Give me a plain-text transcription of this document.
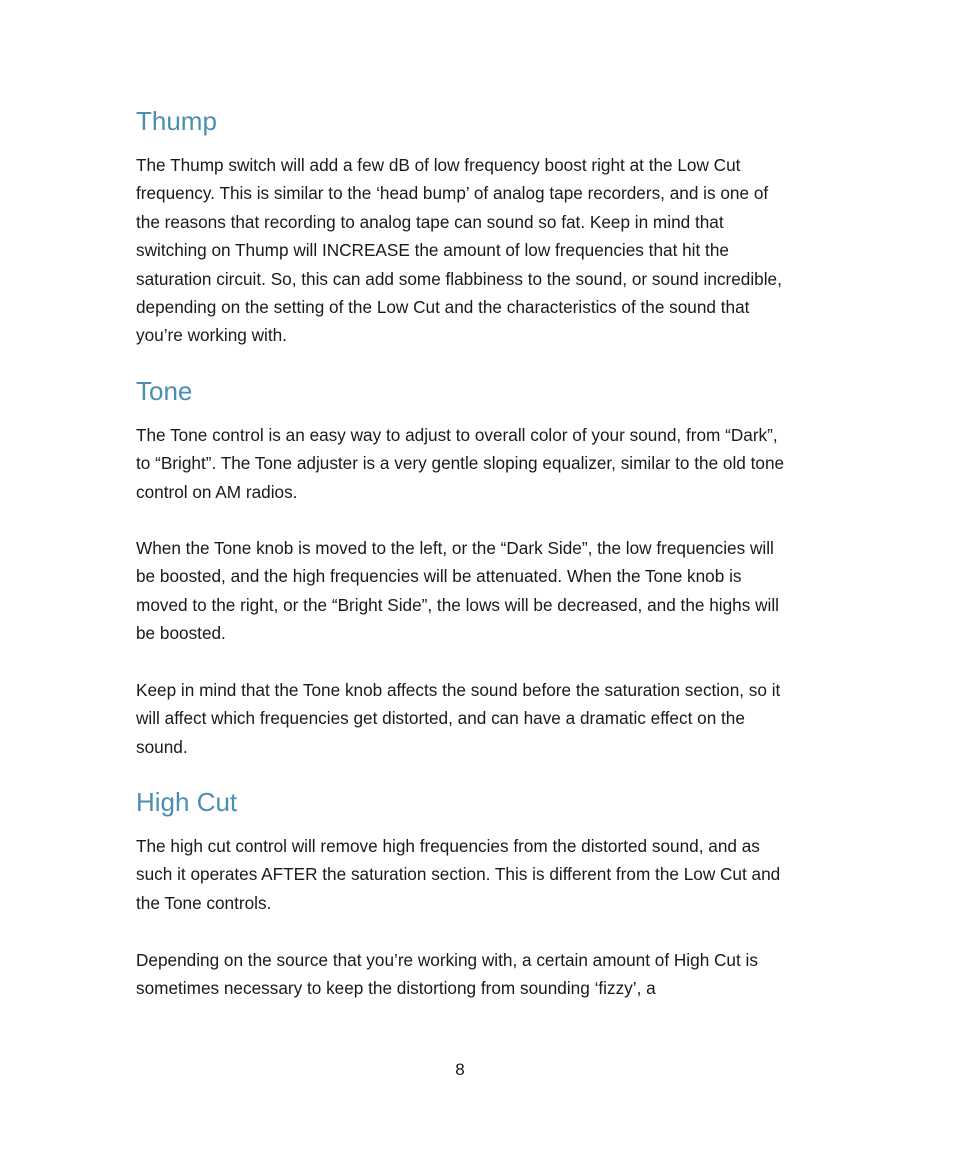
Thump

The Thump switch will add a few dB of low frequency boost right at the Low Cut frequency. This is similar to the ‘head bump’ of analog tape recorders, and is one of the reasons that recording to analog tape can sound so fat. Keep in mind that switching on Thump will INCREASE the amount of low frequencies that hit the saturation circuit. So, this can add some flabbiness to the sound, or sound incredible, depending on the setting of the Low Cut and the characteristics of the sound that you’re working with.

Tone

The Tone control is an easy way to adjust to overall color of your sound, from “Dark”, to “Bright”. The Tone adjuster is a very gentle sloping equalizer, similar to the old tone control on AM radios.

When the Tone knob is moved to the left, or the “Dark Side”, the low frequencies will be boosted, and the high frequencies will be attenuated. When the Tone knob is moved to the right, or the “Bright Side”, the lows will be decreased, and the highs will be boosted.

Keep in mind that the Tone knob affects the sound before the saturation section, so it will affect which frequencies get distorted, and can have a dramatic effect on the sound.

High Cut

The high cut control will remove high frequencies from the distorted sound, and as such it operates AFTER the saturation section. This is different from the Low Cut and the Tone controls.

Depending on the source that you’re working with, a certain amount of High Cut is sometimes necessary to keep the distortiong from sounding ‘fizzy’, a

8
